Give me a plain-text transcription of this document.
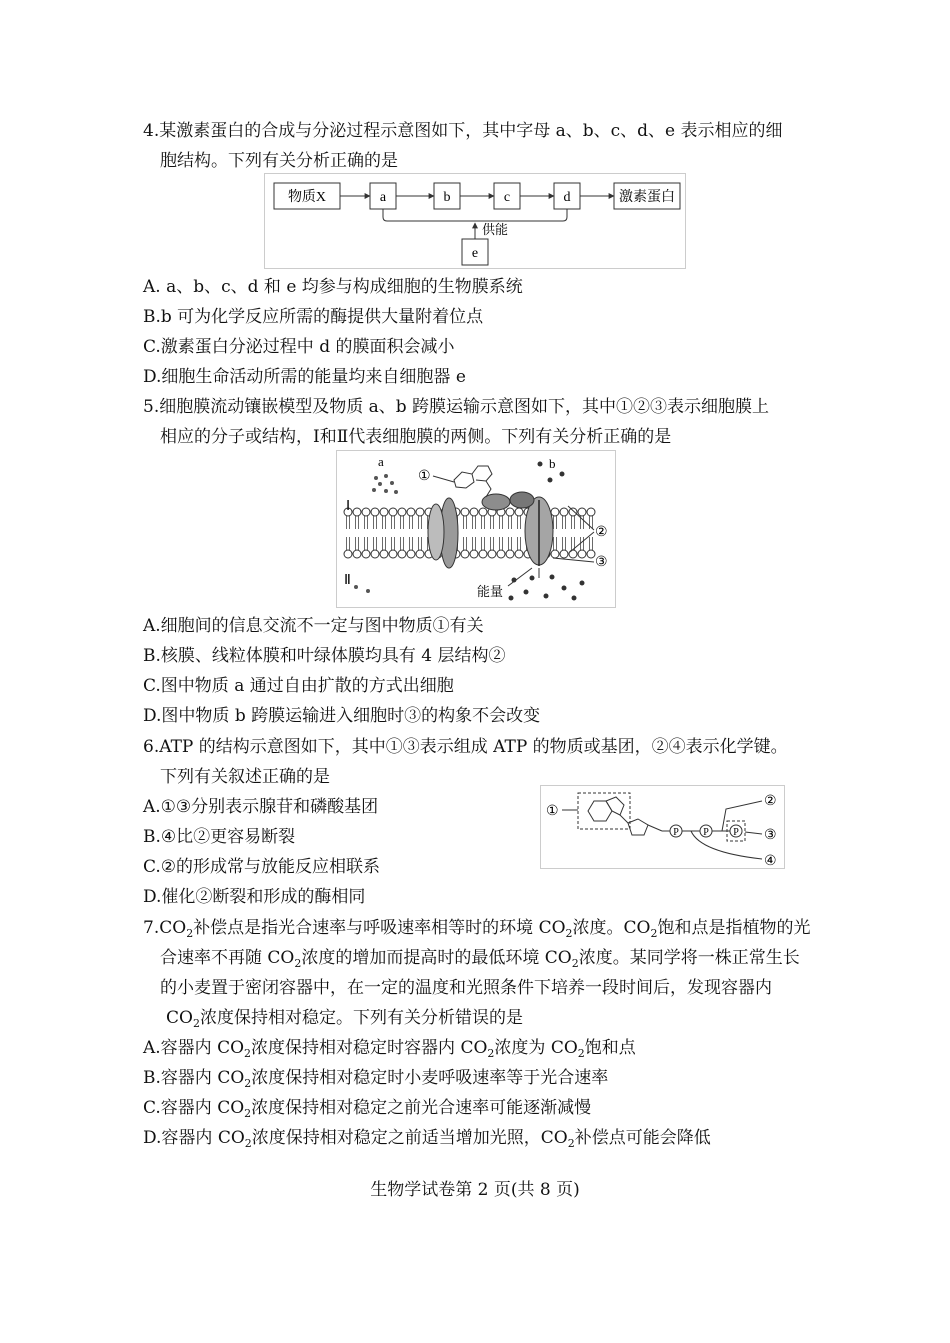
4.某激素蛋白的合成与分泌过程示意图如下，其中字母 a、b、c、d、e 表示相应的细
胞结构。下列有关分析正确的是
物质X	a	b	c	d	激素蛋白
供能
e
A. a、b、c、d 和 e 均参与构成细胞的生物膜系统
B.b 可为化学反应所需的酶提供大量附着位点
C.激素蛋白分泌过程中 d 的膜面积会减小
D.细胞生命活动所需的能量均来自细胞器 e
5.细胞膜流动镶嵌模型及物质 a、b 跨膜运输示意图如下，其中①②③表示细胞膜上
相应的分子或结构，Ⅰ和Ⅱ代表细胞膜的两侧。下列有关分析正确的是
①
a	b
Ⅰ
Ⅱ
②
③
能量
A.细胞间的信息交流不一定与图中物质①有关
B.核膜、线粒体膜和叶绿体膜均具有 4 层结构②
C.图中物质 a 通过自由扩散的方式出细胞
D.图中物质 b 跨膜运输进入细胞时③的构象不会改变
6.ATP 的结构示意图如下，其中①③表示组成 ATP 的物质或基团，②④表示化学键。
下列有关叙述正确的是
A.①③分别表示腺苷和磷酸基团
B.④比②更容易断裂
C.②的形成常与放能反应相联系
D.催化②断裂和形成的酶相同
①
P P P
②
③
④
$7.CO_2$补偿点是指光合速率与呼吸速率相等时的环境 $CO_2$浓度。$CO_2$饱和点是指植物的光
合速率不再随 $CO_2$浓度的增加而提高时的最低环境 $CO_2$浓度。某同学将一株正常生长
的小麦置于密闭容器中，在一定的温度和光照条件下培养一段时间后，发现容器内
$CO_2$浓度保持相对稳定。下列有关分析错误的是
A.容器内 $CO_2$浓度保持相对稳定时容器内 $CO_2$浓度为 $CO_2$饱和点
B.容器内 $CO_2$浓度保持相对稳定时小麦呼吸速率等于光合速率
C.容器内 $CO_2$浓度保持相对稳定之前光合速率可能逐渐减慢
D.容器内 $CO_2$浓度保持相对稳定之前适当增加光照，$CO_2$补偿点可能会降低
生物学试卷第 2 页(共 8 页)
